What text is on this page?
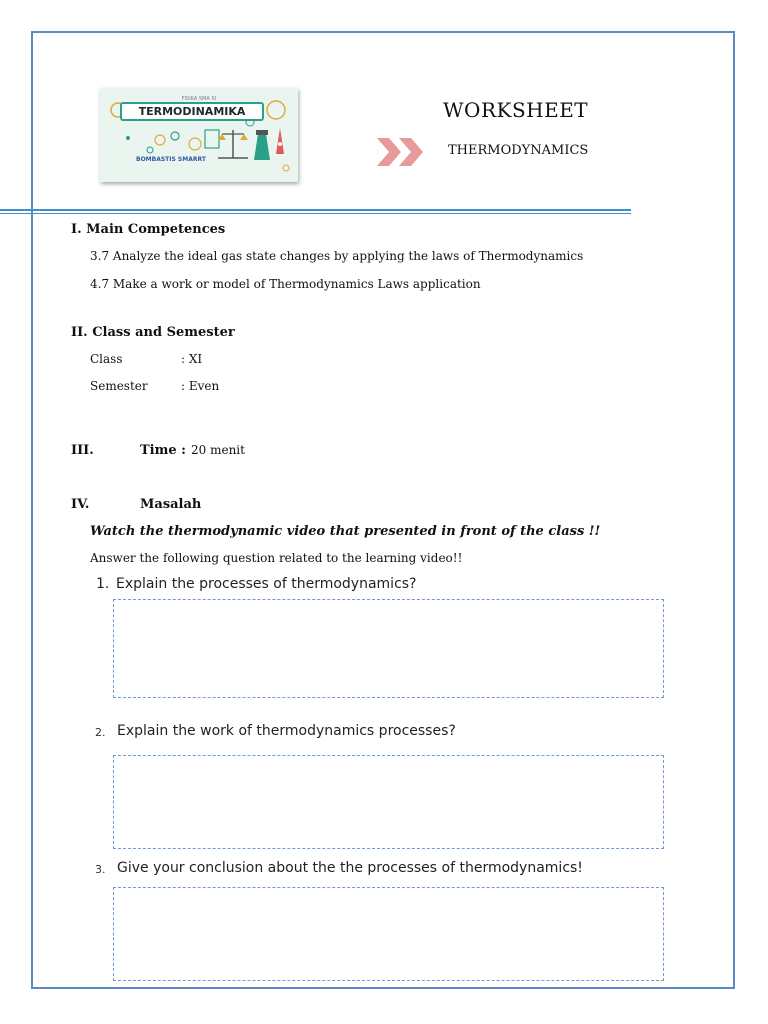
FISIKA SMA XI
TERMODINAMIKA
BOMBASTIS SMARRT
WORKSHEET
THERMODYNAMICS
I. Main Competences
3.7 Analyze the ideal gas state changes by applying the laws of Thermodynamics
4.7 Make a work or model of Thermodynamics Laws application
II. Class and Semester
Class	: XI
Semester	: Even
III.	Time : 20 menit
IV.	Masalah
Watch the thermodynamic video that presented in front of the class !!
Answer the following question related to the learning video!!
1. Explain the processes of thermodynamics?
2. Explain the work of thermodynamics processes?
3. Give your conclusion about the the processes of thermodynamics!
